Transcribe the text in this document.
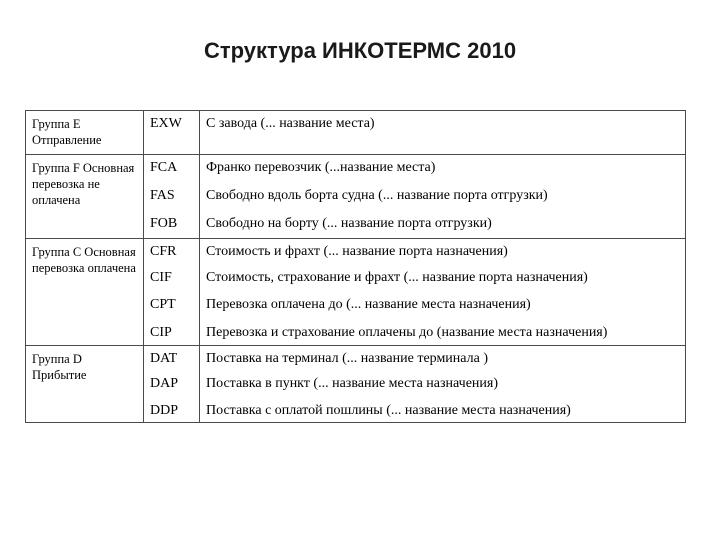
Структура ИНКОТЕРМС 2010
Группа E Отправление	EXW	С завода (... название места)
Группа F Основная перевозка не оплачена	FCA	Франко перевозчик (...название места)
	FAS	Свободно вдоль борта судна (... название порта отгрузки)
	FOB	Свободно на борту (... название порта отгрузки)
Группа C Основная перевозка оплачена	CFR	Стоимость и фрахт (... название порта назначения)
	CIF	Стоимость, страхование и фрахт (... название порта назначения)
	CPT	Перевозка оплачена до (... название места назначения)
	CIP	Перевозка и страхование оплачены до (название места назначения)
Группа D Прибытие	DAT	Поставка на терминал (... название терминала )
	DAP	Поставка в пункт (... название места назначения)
	DDP	Поставка с оплатой пошлины (... название места назначения)
